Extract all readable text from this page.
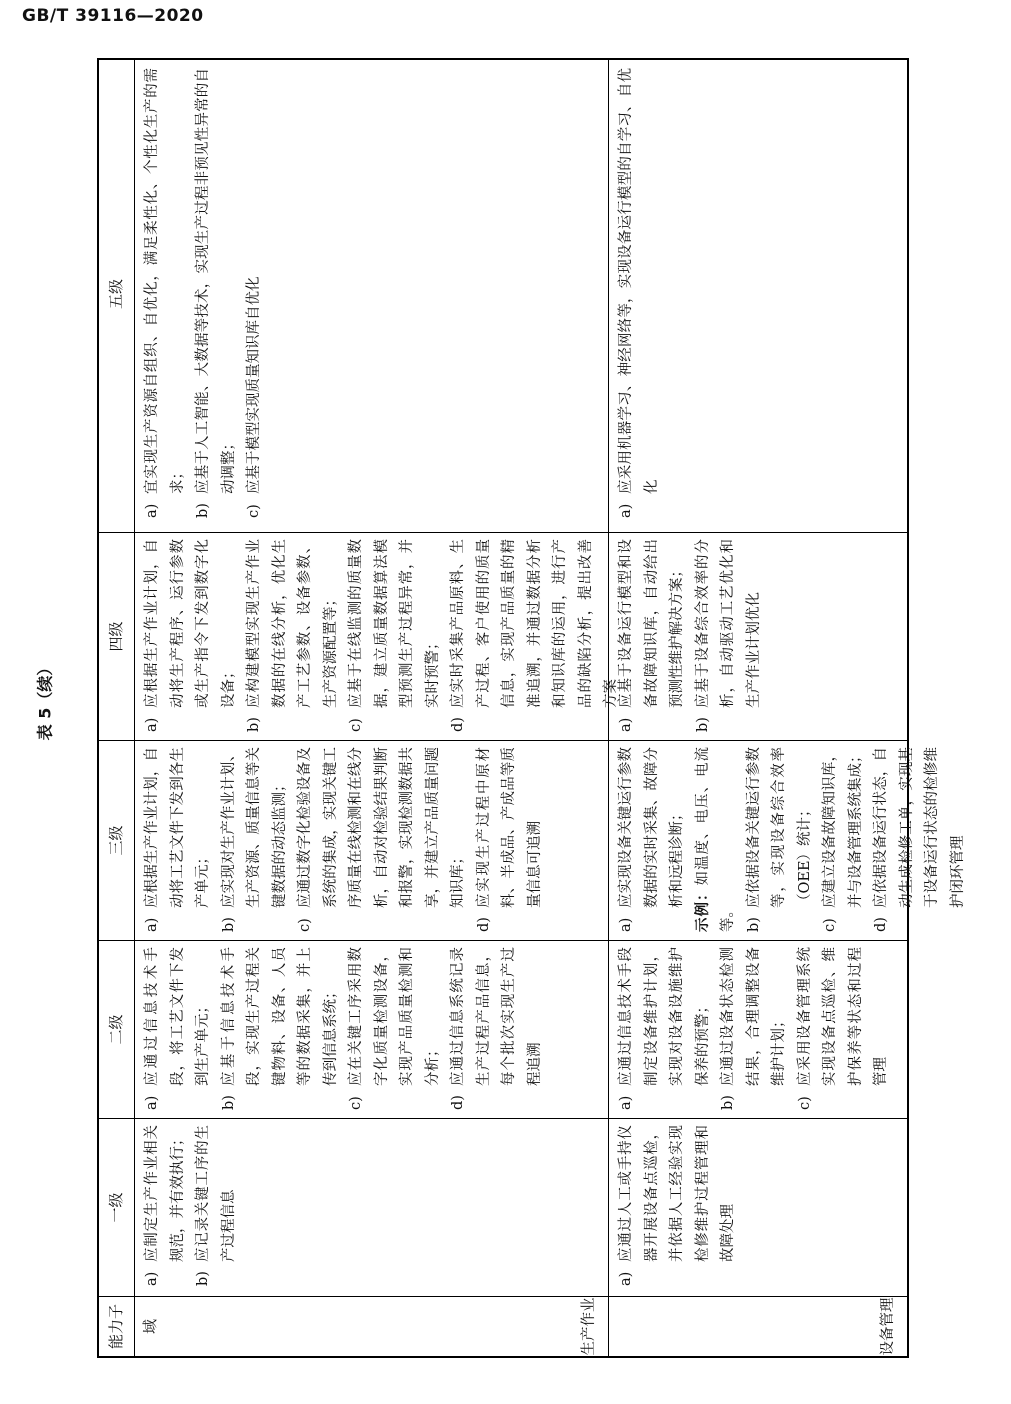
GB/T 39116—2020
表 5（续）
能力子域
一级
二级
三级
四级
五级
生产作业
a)
应制定生产作业相关规范，并有效执行；
b)
应记录关键工序的生产过程信息
a)
应通过信息技术手段，将工艺文件下发到生产单元；
b)
应基于信息技术手段，实现生产过程关键物料、设备、人员等的数据采集，并上传到信息系统；
c)
应在关键工序采用数字化质量检测设备，实现产品质量检测和分析；
d)
应通过信息系统记录生产过程产品信息，每个批次实现生产过程追溯
a)
应根据生产作业计划，自动将工艺文件下发到各生产单元；
b)
应实现对生产作业计划、生产资源、质量信息等关键数据的动态监测；
c)
应通过数字化检验设备及系统的集成，实现关键工序质量在线检测和在线分析，自动对检验结果判断和报警，实现检测数据共享，并建立产品质量问题知识库；
d)
应实现生产过程中原材料、半成品、产成品等质量信息可追溯
a)
应根据生产作业计划，自动将生产程序、运行参数或生产指令下发到数字化设备；
b)
应构建模型实现生产作业数据的在线分析，优化生产工艺参数、设备参数、生产资源配置等；
c)
应基于在线监测的质量数据，建立质量数据算法模型预测生产过程异常，并实时预警；
d)
应实时采集产品原料、生产过程、客户使用的质量信息，实现产品质量的精准追溯，并通过数据分析和知识库的运用，进行产品的缺陷分析，提出改善方案
a)
宜实现生产资源自组织、自优化，满足柔性化、个性化生产的需求；
b)
应基于人工智能、大数据等技术，实现生产过程非预见性异常的自动调整；
c)
应基于模型实现质量知识库自优化
设备管理
a)
应通过人工或手持仪器开展设备点巡检，并依据人工经验实现检修维护过程管理和故障处理
a)
应通过信息技术手段制定设备维护计划，实现对设备设施维护保养的预警；
b)
应通过设备状态检测结果，合理调整设备维护计划；
c)
应采用设备管理系统实现设备点巡检、维护保养等状态和过程管理
a)
应实现设备关键运行参数数据的实时采集、故障分析和远程诊断；
示例：如温度、电压、电流等。 b)
应依据设备关键运行参数等，实现设备综合效率（OEE）统计；
c)
应建立设备故障知识库，并与设备管理系统集成；
d)
应依据设备运行状态，自动生成检修工单，实现基于设备运行状态的检修维护闭环管理
a)
应基于设备运行模型和设备故障知识库，自动给出预测性维护解决方案；
b)
应基于设备综合效率的分析，自动驱动工艺优化和生产作业计划优化
a)
应采用机器学习、神经网络等，实现设备运行模型的自学习、自优化
